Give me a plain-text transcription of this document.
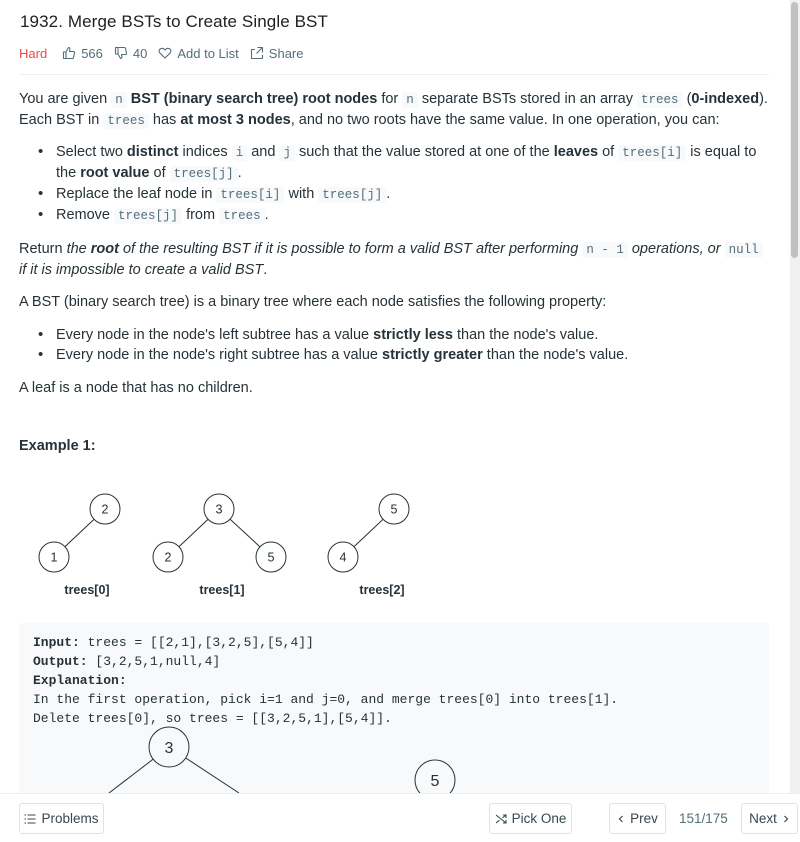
1932. Merge BSTs to Create Single BST
Hard	566 40 Add to List Share

You are given n BST (binary search tree) root nodes for n separate BSTs stored in an array trees (0-indexed). Each BST in trees has at most 3 nodes, and no two roots have the same value. In one operation, you can:

• Select two distinct indices i and j such that the value stored at one of the leaves of trees[i] is equal to the root value of trees[j] .
• Replace the leaf node in trees[i] with trees[j] .
• Remove trees[j] from trees .

Return the root of the resulting BST if it is possible to form a valid BST after performing n - 1 operations, or null if it is impossible to create a valid BST.

A BST (binary search tree) is a binary tree where each node satisfies the following property:

• Every node in the node's left subtree has a value strictly less than the node's value.
• Every node in the node's right subtree has a value strictly greater than the node's value.

A leaf is a node that has no children.

Example 1:
2
1
trees[0]
3
2	5
trees[1]
5
4
trees[2]
Input: trees = [[2,1],[3,2,5],[5,4]]
Output: [3,2,5,1,null,4]
Explanation:
In the first operation, pick i=1 and j=0, and merge trees[0] into trees[1].
Delete trees[0], so trees = [[3,2,5,1],[5,4]].
3
5
Problems	Pick One	Prev 151/175 Next
